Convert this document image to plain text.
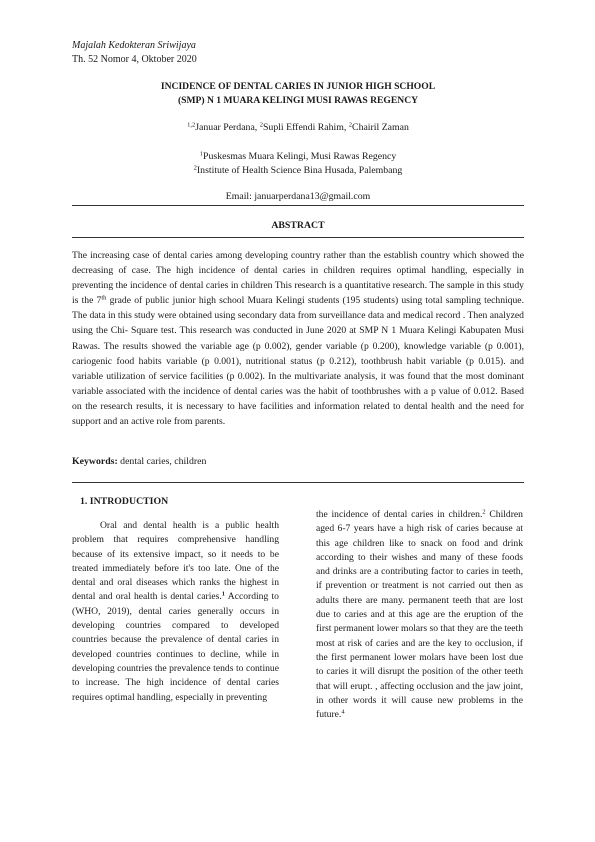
Majalah Kedokteran Sriwijaya
Th. 52 Nomor 4, Oktober 2020
INCIDENCE OF DENTAL CARIES IN JUNIOR HIGH SCHOOL
(SMP) N 1 MUARA KELINGI MUSI RAWAS REGENCY
$^{1,2}$Januar Perdana, $^2$Supli Effendi Rahim, $^2$Chairil Zaman
$^1$Puskesmas Muara Kelingi, Musi Rawas Regency
$^2$Institute of Health Science Bina Husada, Palembang
Email: januarperdana13@gmail.com
ABSTRACT
The increasing case of dental caries among developing country rather than the establish country which showed the decreasing of case. The high incidence of dental caries in children requires optimal handling, especially in preventing the incidence of dental caries in children This research is a quantitative research. The sample in this study is the 7th grade of public junior high school Muara Kelingi students (195 students) using total sampling technique. The data in this study were obtained using secondary data from surveillance data and medical record . Then analyzed using the Chi- Square test. This research was conducted in June 2020 at SMP N 1 Muara Kelingi Kabupaten Musi Rawas. The results showed the variable age (p 0.002), gender variable (p 0.200), knowledge variable (p 0.001), cariogenic food habits variable (p 0.001), nutritional status (p 0.212), toothbrush habit variable (p 0.015). and variable utilization of service facilities (p 0.002). In the multivariate analysis, it was found that the most dominant variable associated with the incidence of dental caries was the habit of toothbrushes with a p value of 0.012. Based on the research results, it is necessary to have facilities and information related to dental health and the need for support and an active role from parents.
Keywords: dental caries, children
1. INTRODUCTION

Oral and dental health is a public health problem that requires comprehensive handling because of its extensive impact, so it needs to be treated immediately before it's too late. One of the dental and oral diseases which ranks the highest in dental and oral health is dental caries.$^1$ According to (WHO, 2019), dental caries generally occurs in developing countries compared to developed countries because the prevalence of dental caries in developed countries continues to decline, while in developing countries the prevalence tends to continue to increase. The high incidence of dental caries requires optimal handling, especially in preventing

the incidence of dental caries in children.$^2$ Children aged 6-7 years have a high risk of caries because at this age children like to snack on food and drink according to their wishes and many of these foods and drinks are a contributing factor to caries in teeth, if prevention or treatment is not carried out then as adults there are many. permanent teeth that are lost due to caries and at this age are the eruption of the first permanent lower molars so that they are the teeth most at risk of caries and are the key to occlusion, if the first permanent lower molars have been lost due to caries it will disrupt the position of the other teeth that will erupt. , affecting occlusion and the jaw joint, in other words it will cause new problems in the future.$^4$
